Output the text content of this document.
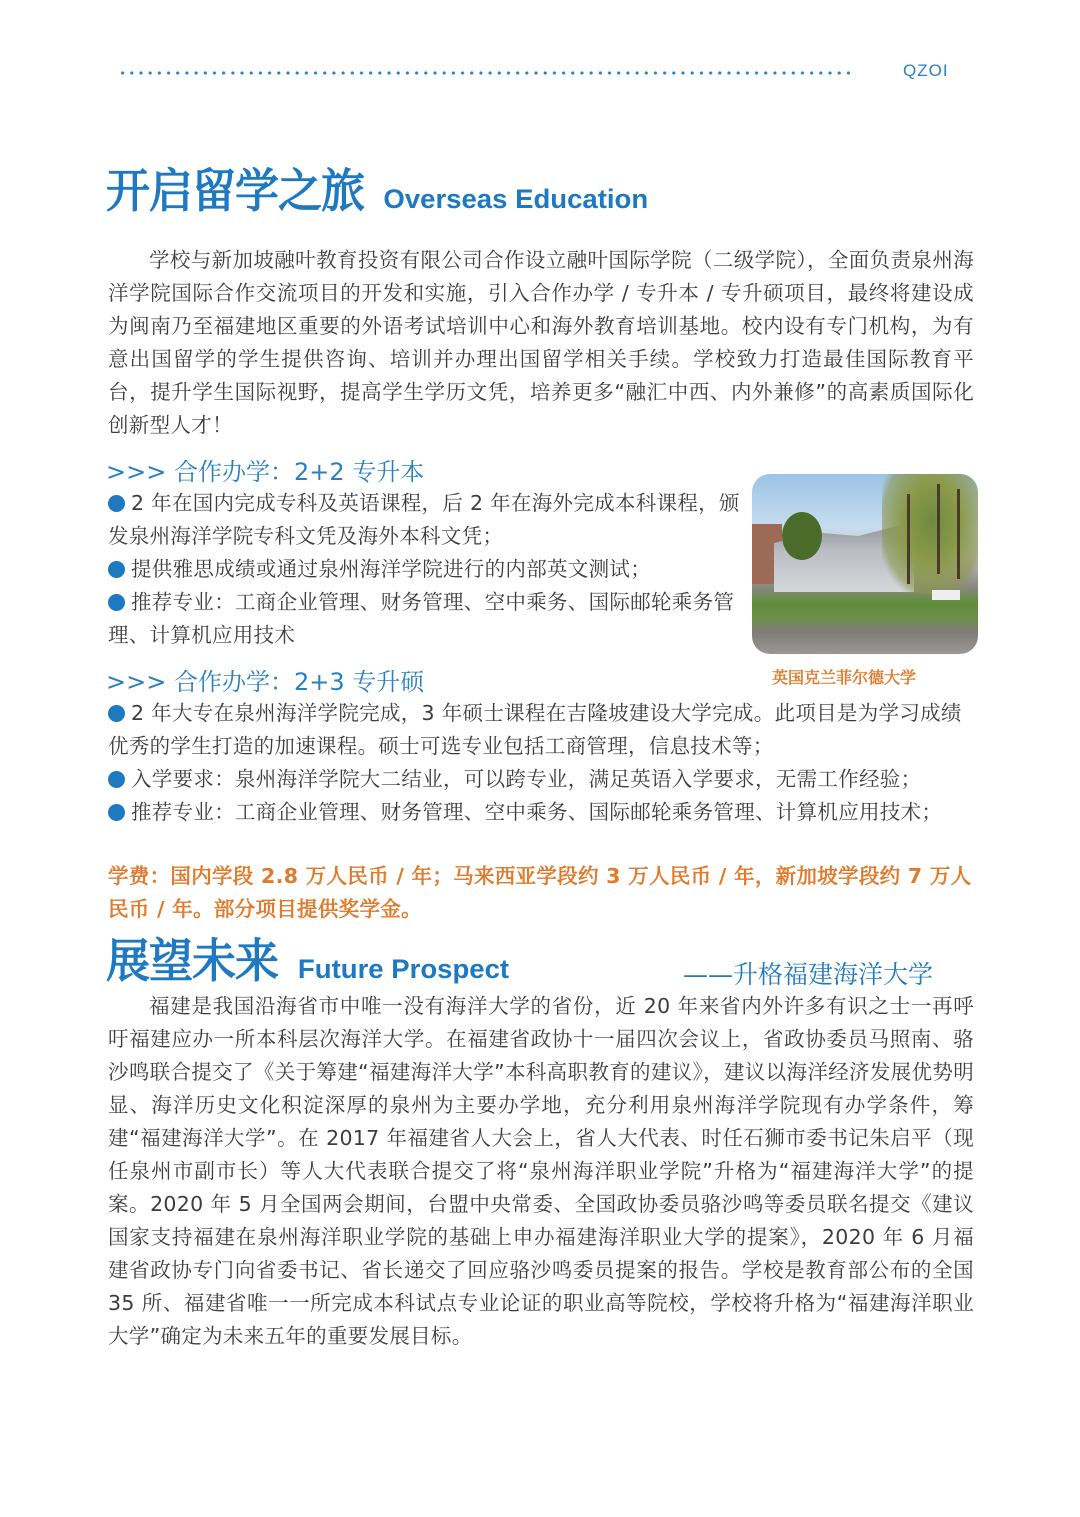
QZOI
开启留学之旅 Overseas Education

学校与新加坡融叶教育投资有限公司合作设立融叶国际学院（二级学院），全面负责泉州海洋学院国际合作交流项目的开发和实施，引入合作办学 / 专升本 / 专升硕项目，最终将建设成为闽南乃至福建地区重要的外语考试培训中心和海外教育培训基地。校内设有专门机构，为有意出国留学的学生提供咨询、培训并办理出国留学相关手续。学校致力打造最佳国际教育平台，提升学生国际视野，提高学生学历文凭，培养更多“融汇中西、内外兼修”的高素质国际化创新型人才！

>>> 合作办学：2+2 专升本

2 年在国内完成专科及英语课程，后 2 年在海外完成本科课程，颁发泉州海洋学院专科文凭及海外本科文凭；

提供雅思成绩或通过泉州海洋学院进行的内部英文测试；

推荐专业：工商企业管理、财务管理、空中乘务、国际邮轮乘务管理、计算机应用技术

英国克兰菲尔德大学
>>> 合作办学：2+3 专升硕

2 年大专在泉州海洋学院完成，3 年硕士课程在吉隆坡建设大学完成。此项目是为学习成绩优秀的学生打造的加速课程。硕士可选专业包括工商管理，信息技术等；

入学要求：泉州海洋学院大二结业，可以跨专业，满足英语入学要求，无需工作经验；

推荐专业：工商企业管理、财务管理、空中乘务、国际邮轮乘务管理、计算机应用技术；

学费：国内学段 2.8 万人民币 / 年；马来西亚学段约 3 万人民币 / 年，新加坡学段约 7 万人民币 / 年。部分项目提供奖学金。

展望未来 Future Prospect	——升格福建海洋大学

福建是我国沿海省市中唯一没有海洋大学的省份，近 20 年来省内外许多有识之士一再呼吁福建应办一所本科层次海洋大学。在福建省政协十一届四次会议上，省政协委员马照南、骆沙鸣联合提交了《关于筹建“福建海洋大学”本科高职教育的建议》，建议以海洋经济发展优势明显、海洋历史文化积淀深厚的泉州为主要办学地，充分利用泉州海洋学院现有办学条件，筹建“福建海洋大学”。在 2017 年福建省人大会上，省人大代表、时任石狮市委书记朱启平（现任泉州市副市长）等人大代表联合提交了将“泉州海洋职业学院”升格为“福建海洋大学”的提案。2020 年 5 月全国两会期间，台盟中央常委、全国政协委员骆沙鸣等委员联名提交《建议国家支持福建在泉州海洋职业学院的基础上申办福建海洋职业大学的提案》，2020 年 6 月福建省政协专门向省委书记、省长递交了回应骆沙鸣委员提案的报告。学校是教育部公布的全国 35 所、福建省唯一一所完成本科试点专业论证的职业高等院校，学校将升格为“福建海洋职业大学”确定为未来五年的重要发展目标。
